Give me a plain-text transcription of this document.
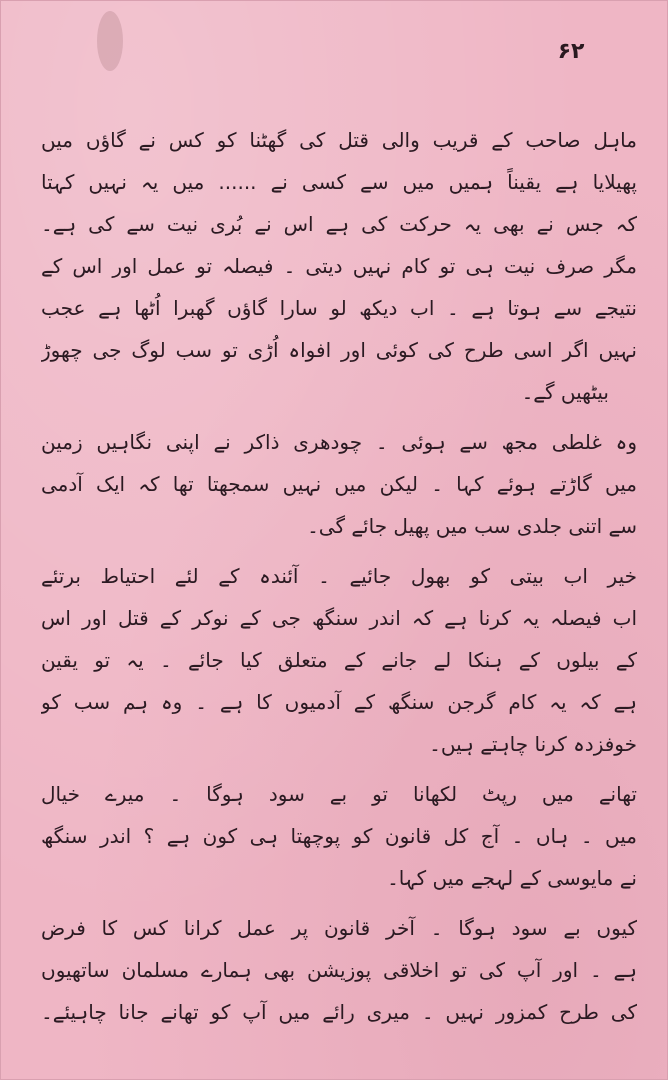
۶۲
ماہل صاحب کے قریب والی قتل کی گھٹنا کو کس نے گاؤں میں
پھیلایا ہے یقیناً ہمیں میں سے کسی نے ...... میں یہ نہیں کہتا
کہ جس نے بھی یہ حرکت کی ہے اس نے بُری نیت سے کی ہے۔
مگر صرف نیت ہی تو کام نہیں دیتی ۔ فیصلہ تو عمل اور اس کے
نتیجے سے ہوتا ہے ۔ اب دیکھ لو سارا گاؤں گھبرا اُٹھا ہے عجب
نہیں اگر اسی طرح کی کوئی اور افواہ اُڑی تو سب لوگ جی چھوڑ
بیٹھیں گے۔
وہ غلطی مجھ سے ہوئی ۔ چودھری ذاکر نے اپنی نگاہیں زمین
میں گاڑتے ہوئے کہا ۔ لیکن میں نہیں سمجھتا تھا کہ ایک آدمی
سے اتنی جلدی سب میں پھیل جائے گی۔
خیر اب بیتی کو بھول جائیے ۔ آئندہ کے لئے احتیاط برتئے
اب فیصلہ یہ کرنا ہے کہ اندر سنگھ جی کے نوکر کے قتل اور اس
کے بیلوں کے ہنکا لے جانے کے متعلق کیا جائے ۔ یہ تو یقین
ہے کہ یہ کام گرجن سنگھ کے آدمیوں کا ہے ۔ وہ ہم سب کو
خوفزدہ کرنا چاہتے ہیں۔
تھانے میں رپٹ لکھانا تو بے سود ہوگا ۔ میرے خیال
میں ۔ ہاں ۔ آج کل قانون کو پوچھتا ہی کون ہے ؟ اندر سنگھ
نے مایوسی کے لہجے میں کہا۔
کیوں بے سود ہوگا ۔ آخر قانون پر عمل کرانا کس کا فرض
ہے ۔ اور آپ کی تو اخلاقی پوزیشن بھی ہمارے مسلمان ساتھیوں
کی طرح کمزور نہیں ۔ میری رائے میں آپ کو تھانے جانا چاہیئے۔
